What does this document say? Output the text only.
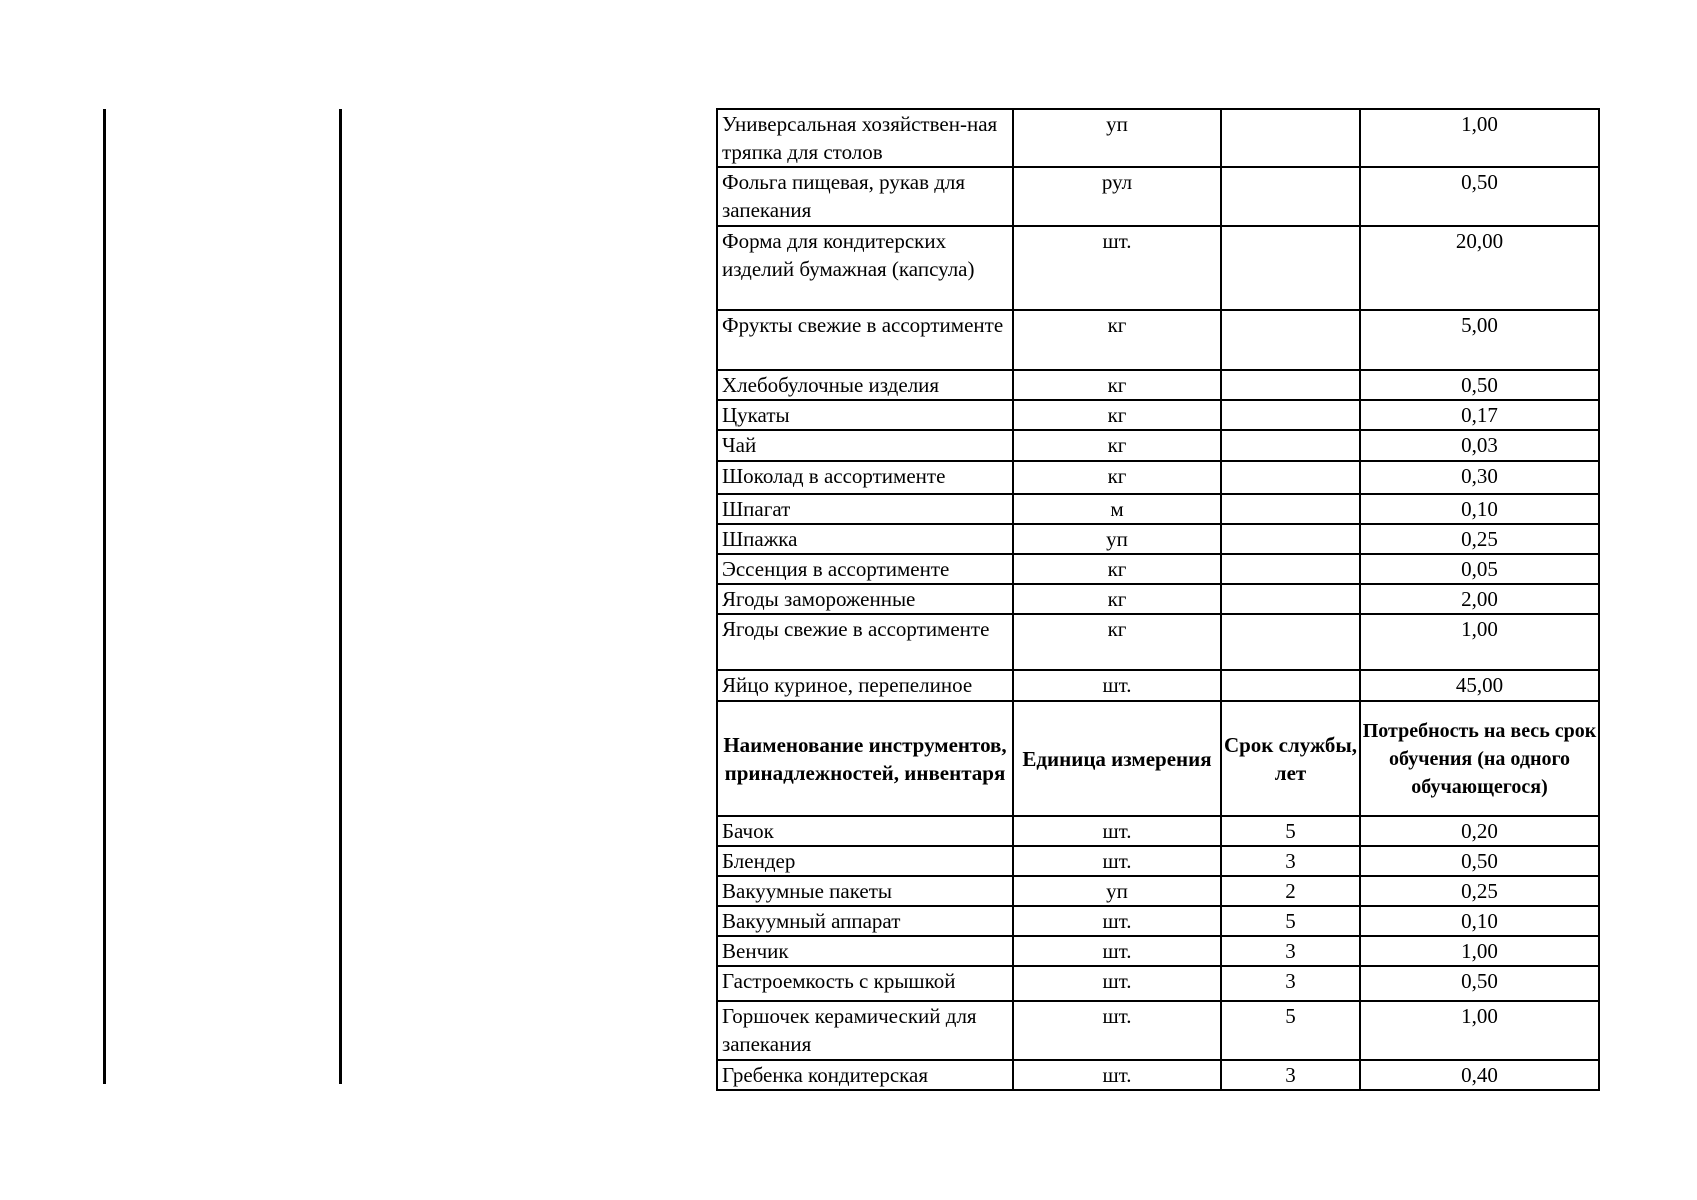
Универсальная хозяйствен-ная тряпка для столов	уп		1,00
Фольга пищевая, рукав для запекания	рул		0,50
Форма для кондитерских изделий бумажная (капсула)	шт.		20,00
Фрукты свежие в ассортименте	кг		5,00
Хлебобулочные изделия	кг		0,50
Цукаты	кг		0,17
Чай	кг		0,03
Шоколад в ассортименте	кг		0,30
Шпагат	м		0,10
Шпажка	уп		0,25
Эссенция в ассортименте	кг		0,05
Ягоды замороженные	кг		2,00
Ягоды свежие в ассортименте	кг		1,00
Яйцо куриное, перепелиное	шт.		45,00
Наименование инструментов, принадлежностей, инвентаря	Единица измерения	Срок службы, лет	Потребность на весь срок обучения (на одного обучающегося)
Бачок	шт.	5	0,20
Блендер	шт.	3	0,50
Вакуумные пакеты	уп	2	0,25
Вакуумный аппарат	шт.	5	0,10
Венчик	шт.	3	1,00
Гастроемкость с крышкой	шт.	3	0,50
Горшочек керамический для запекания	шт.	5	1,00
Гребенка кондитерская	шт.	3	0,40
